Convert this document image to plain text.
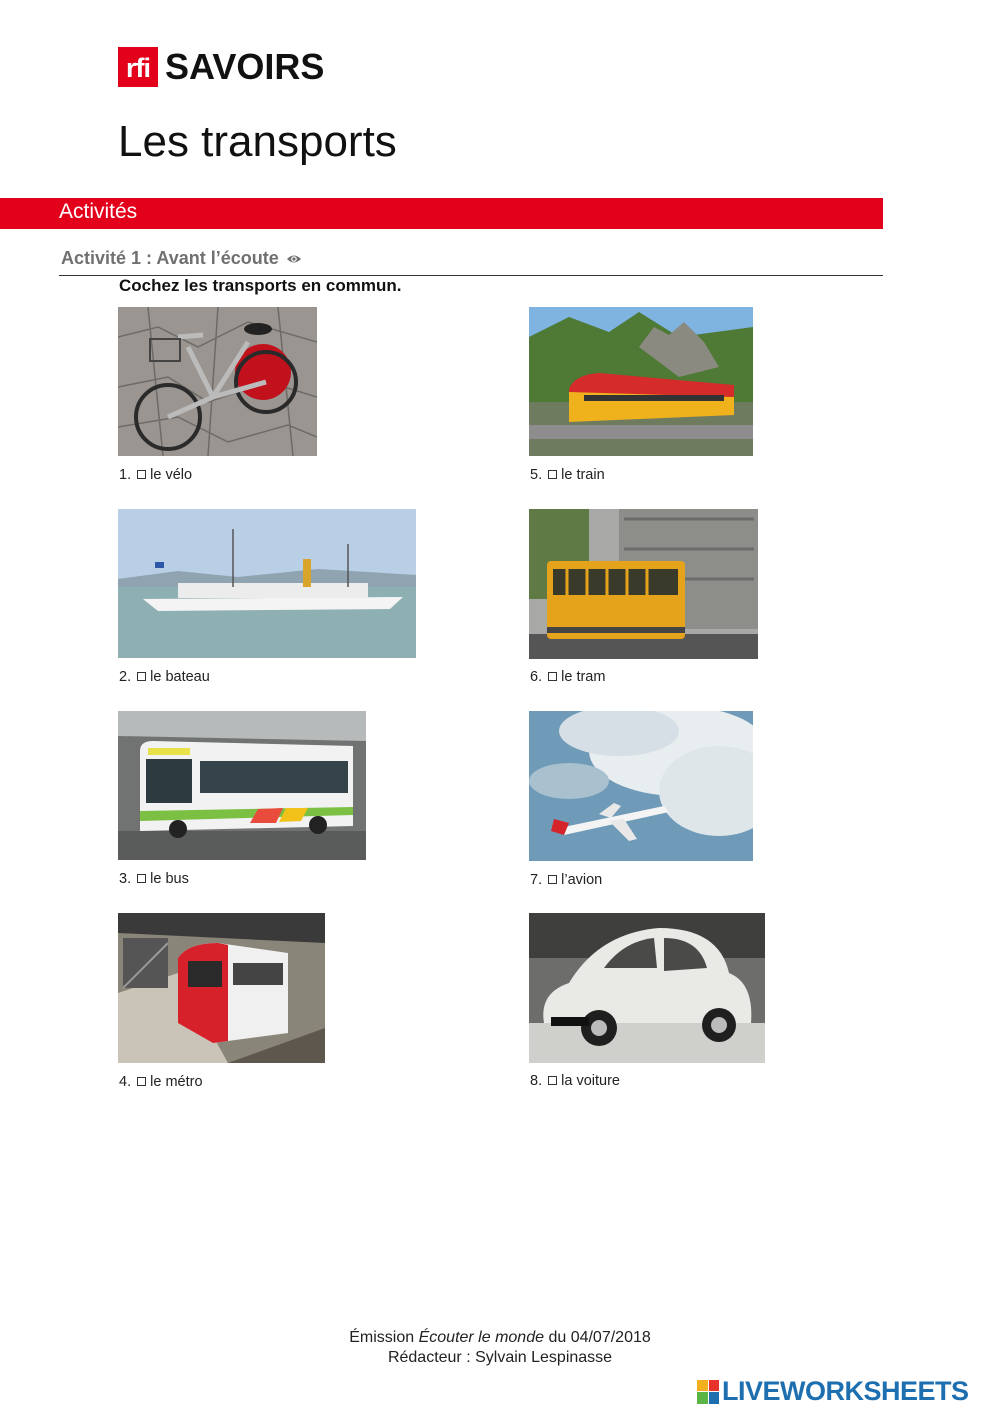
rfi SAVOIRS
Les transports
Activités
Activité 1 : Avant l’écoute
Cochez les transports en commun.
1. le vélo	5. le train
2. le bateau	6. le tram
3. le bus	7. l’avion
4. le métro	8. la voiture
Émission Écouter le monde du 04/07/2018
Rédacteur : Sylvain Lespinasse
LIVEWORKSHEETS
